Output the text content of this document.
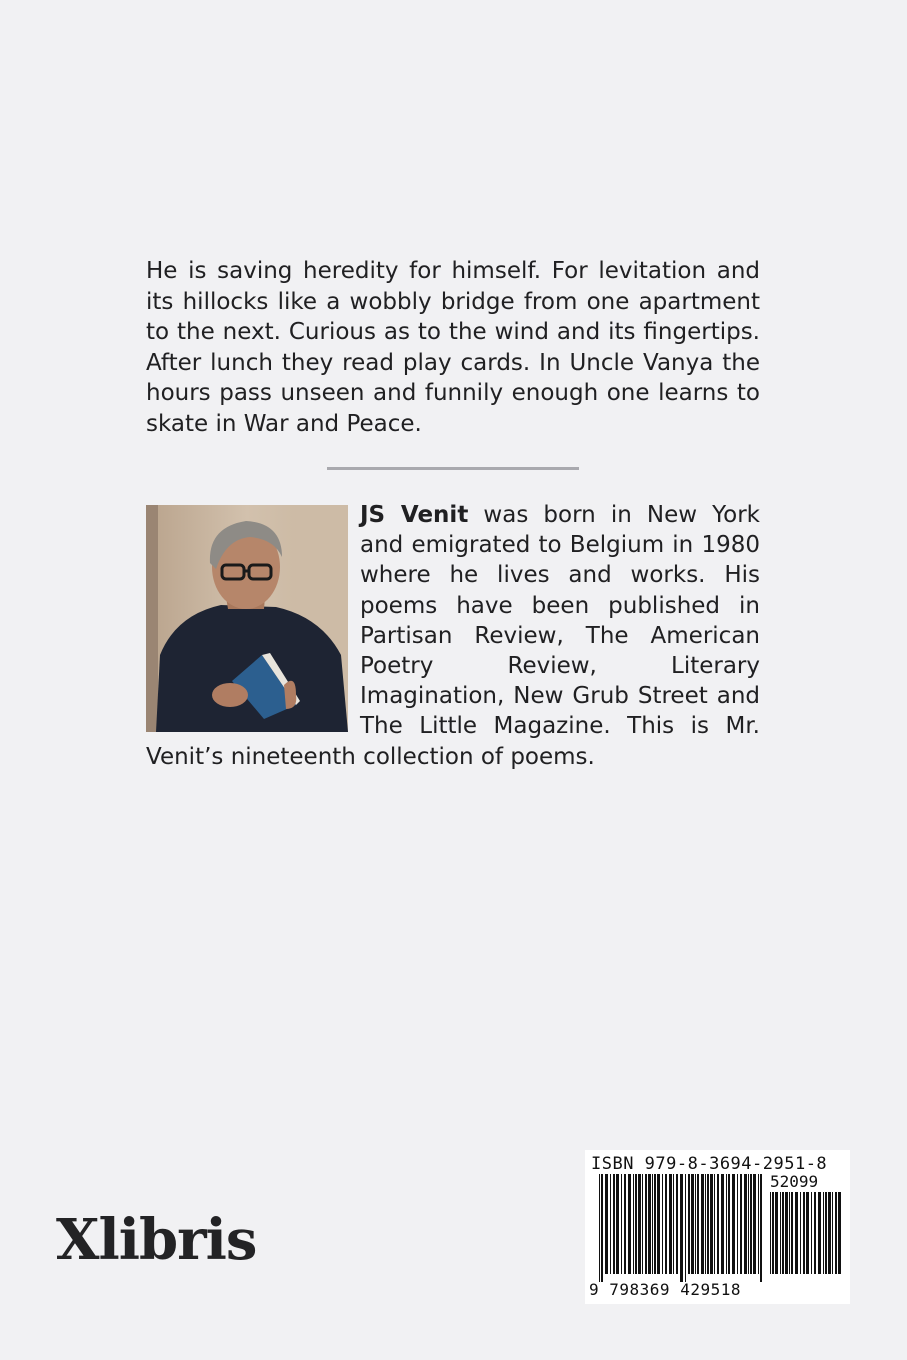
He is saving heredity for himself. For levitation and its hillocks like a wobbly bridge from one apartment to the next. Curious as to the wind and its fingertips. After lunch they read play cards. In Uncle Vanya the hours pass unseen and funnily enough one learns to skate in War and Peace.

JS Venit was born in New York and emigrated to Belgium in 1980 where he lives and works. His poems have been published in Partisan Review, The American Poetry Review, Literary Imagination, New Grub Street and The Little Magazine. This is Mr. Venit’s nineteenth collection of poems.

Xlibris
ISBN 979-8-3694-2951-8
52099
9 798369 429518
